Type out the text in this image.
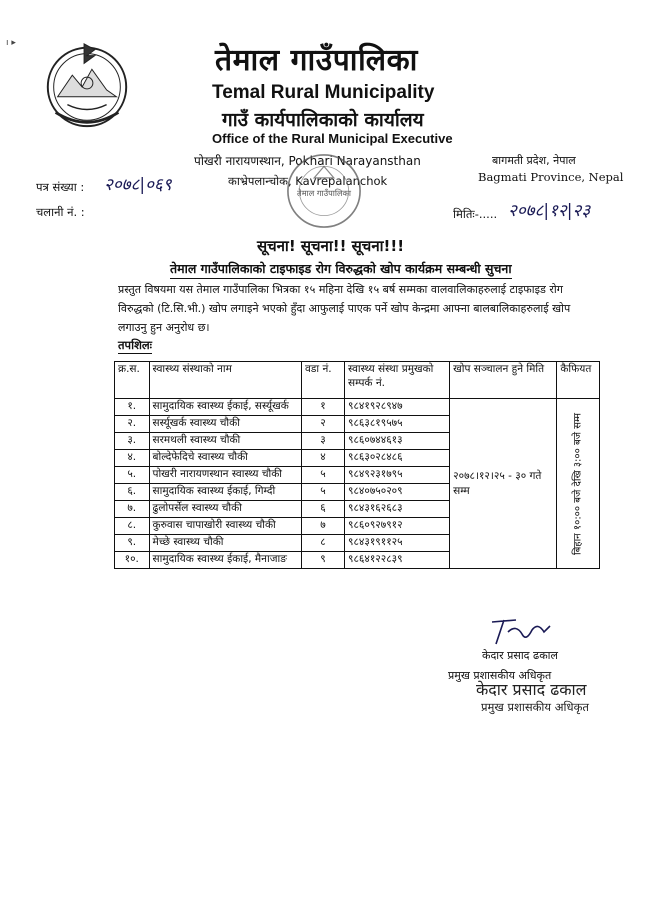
ı ▸	तेमाल गाउँपालिका
Temal Rural Municipality
गाउँ कार्यपालिकाको कार्यालय
Office of the Rural Municipal Executive
पोखरी नारायणस्थान, Pokhari Narayansthan
काभ्रेपलान्चोक, Kavrepalanchok
बागमती प्रदेश, नेपाल
Bagmati Province, Nepal
तेमाल गाउँपालिका
पत्र संख्या : २०७८|०६९
चलानी नं. :	मितिः-..... २०७८|१२|२३
सूचना! सूचना!! सूचना!!!
तेमाल गाउँपालिकाको टाइफाइड रोग विरुद्धको खोप कार्यक्रम सम्बन्धी सुचना
प्रस्तुत विषयमा यस तेमाल गाउँपालिका भित्रका १५ महिना देखि १५ बर्ष सम्मका वालवालिकाहरुलाई टाइफाइड रोग विरुद्धको (टि.सि.भी.) खोप लगाइने भएको हुँदा आफुलाई पाएक पर्ने खोप केन्द्रमा आफ्ना बालबालिकाहरुलाई खोप लगाउनु हुन अनुरोध छ।
तपशिलः
क्र.स.	स्वास्थ्य संस्थाको नाम	वडा नं.	स्वास्थ्य संस्था प्रमुखको सम्पर्क नं.	खोप सञ्चालन हुने मिति	कैफियत
१.	सामुदायिक स्वास्थ्य ईकाई, सर्स्यूखर्क	१	९८४१९२८९४७	२०७८।१२।२५ - ३० गते सम्म	बिहान १०:०० बजे देखि ३:०० बजे सम्म

२.	सर्स्यूखर्क स्वास्थ्य चौकी	२	९८६३८१९५७५		
३.	सरमथली स्वास्थ्य चौकी	३	९८६०७४४६१३		
४.	बोल्देफेदिचे स्वास्थ्य चौकी	४	९८६३०२८४८६		
५.	पोखरी नारायणस्थान स्वास्थ्य चौकी	५	९८४९२३१७९५		
६.	सामुदायिक स्वास्थ्य ईकाई, गिम्दी	५	९८४०७५०२०९		
७.	ढुलोपर्सेल स्वास्थ्य चौकी	६	९८४३१६२६८३		
८.	कुरुवास चापाखोरी स्वास्थ्य चौकी	७	९८६०९२७९१२		
९.	मेच्छे स्वास्थ्य चौकी	८	९८४३१९११२५		
१०.	सामुदायिक स्वास्थ्य ईकाई, मैनाजाङ	९	९८६४१२२८३९		
केदार प्रसाद ढकाल
प्रमुख प्रशासकीय अधिकृत
केदार प्रसाद ढकाल
प्रमुख प्रशासकीय अधिकृत
